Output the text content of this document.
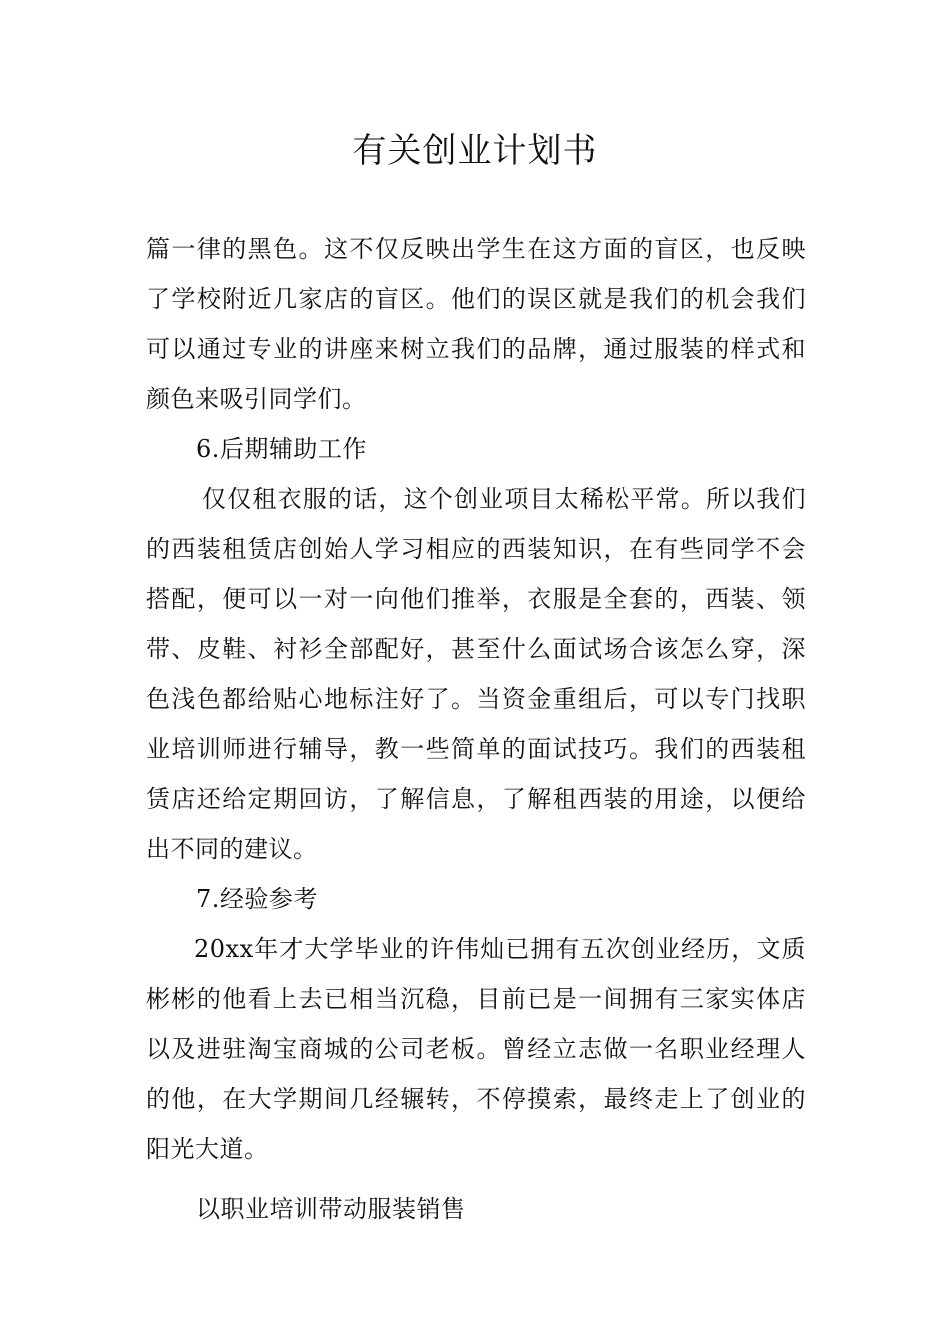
有关创业计划书

篇一律的黑色。这不仅反映出学生在这方面的盲区，也反映了学校附近几家店的盲区。他们的误区就是我们的机会我们可以通过专业的讲座来树立我们的品牌，通过服装的样式和颜色来吸引同学们。

6.后期辅助工作

仅仅租衣服的话，这个创业项目太稀松平常。所以我们的西装租赁店创始人学习相应的西装知识，在有些同学不会搭配，便可以一对一向他们推举，衣服是全套的，西装、领带、皮鞋、衬衫全部配好，甚至什么面试场合该怎么穿，深色浅色都给贴心地标注好了。当资金重组后，可以专门找职业培训师进行辅导，教一些简单的面试技巧。我们的西装租赁店还给定期回访，了解信息，了解租西装的用途，以便给出不同的建议。

7.经验参考

20xx年才大学毕业的许伟灿已拥有五次创业经历，文质彬彬的他看上去已相当沉稳，目前已是一间拥有三家实体店以及进驻淘宝商城的公司老板。曾经立志做一名职业经理人的他，在大学期间几经辗转，不停摸索，最终走上了创业的阳光大道。

以职业培训带动服装销售
